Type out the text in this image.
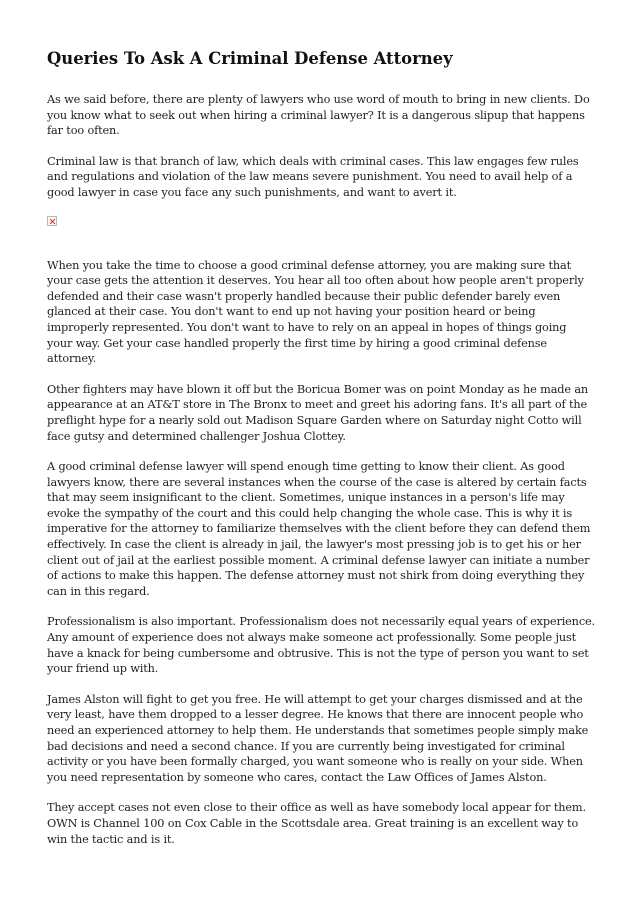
Queries To Ask A Criminal Defense Attorney

As we said before, there are plenty of lawyers who use word of mouth to bring in new clients. Do you know what to seek out when hiring a criminal lawyer? It is a dangerous slipup that happens far too often.

Criminal law is that branch of law, which deals with criminal cases. This law engages few rules and regulations and violation of the law means severe punishment. You need to avail help of a good lawyer in case you face any such punishments, and want to avert it.

When you take the time to choose a good criminal defense attorney, you are making sure that your case gets the attention it deserves. You hear all too often about how people aren't properly defended and their case wasn't properly handled because their public defender barely even glanced at their case. You don't want to end up not having your position heard or being improperly represented. You don't want to have to rely on an appeal in hopes of things going your way. Get your case handled properly the first time by hiring a good criminal defense attorney.

Other fighters may have blown it off but the Boricua Bomer was on point Monday as he made an appearance at an AT&T store in The Bronx to meet and greet his adoring fans. It's all part of the preflight hype for a nearly sold out Madison Square Garden where on Saturday night Cotto will face gutsy and determined challenger Joshua Clottey.

A good criminal defense lawyer will spend enough time getting to know their client. As good lawyers know, there are several instances when the course of the case is altered by certain facts that may seem insignificant to the client. Sometimes, unique instances in a person's life may evoke the sympathy of the court and this could help changing the whole case. This is why it is imperative for the attorney to familiarize themselves with the client before they can defend them effectively. In case the client is already in jail, the lawyer's most pressing job is to get his or her client out of jail at the earliest possible moment. A criminal defense lawyer can initiate a number of actions to make this happen. The defense attorney must not shirk from doing everything they can in this regard.

Professionalism is also important. Professionalism does not necessarily equal years of experience. Any amount of experience does not always make someone act professionally. Some people just have a knack for being cumbersome and obtrusive. This is not the type of person you want to set your friend up with.

James Alston will fight to get you free. He will attempt to get your charges dismissed and at the very least, have them dropped to a lesser degree. He knows that there are innocent people who need an experienced attorney to help them. He understands that sometimes people simply make bad decisions and need a second chance. If you are currently being investigated for criminal activity or you have been formally charged, you want someone who is really on your side. When you need representation by someone who cares, contact the Law Offices of James Alston.

They accept cases not even close to their office as well as have somebody local appear for them. OWN is Channel 100 on Cox Cable in the Scottsdale area. Great training is an excellent way to win the tactic and is it.
